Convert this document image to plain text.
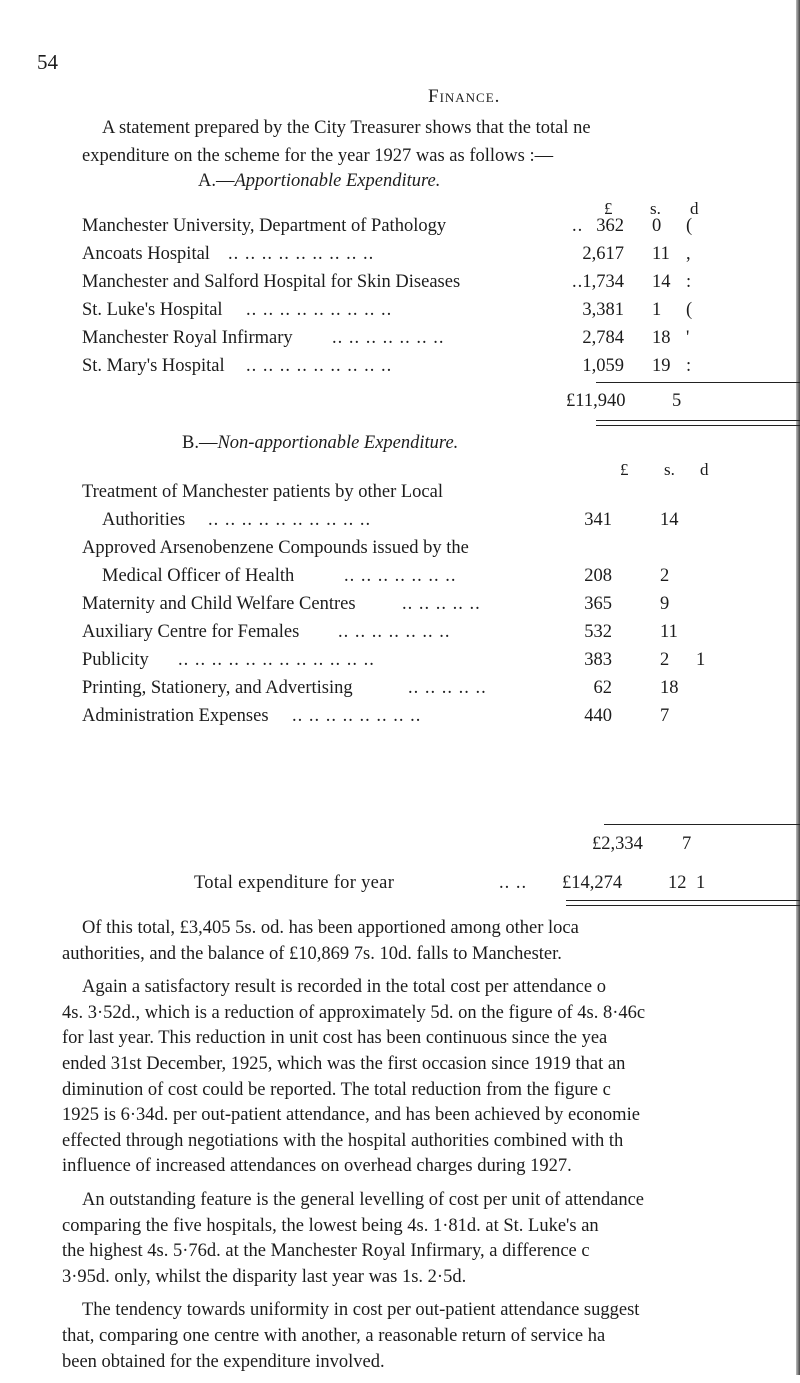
54
Finance.

A statement prepared by the City Treasurer shows that the total ne

expenditure on the scheme for the year 1927 was as follows :—

A.—Apportionable Expenditure.
£ s. d
Manchester University, Department of Pathology	.. 362 0 (
Ancoats Hospital .. .. .. .. .. .. .. .. ..	2,617 11 ,
Manchester and Salford Hospital for Skin Diseases	.. 1,734 14 :
St. Luke's Hospital .. .. .. .. .. .. .. .. ..	3,381 1 (
Manchester Royal Infirmary .. .. .. .. .. .. ..	2,784 18 '
St. Mary's Hospital .. .. .. .. .. .. .. .. ..	1,059 19 :
£11,940	5
B.—Non-apportionable Expenditure.
£ s. d
Treatment of Manchester patients by other Local
Authorities .. .. .. .. .. .. .. .. .. ..	341	14
Approved Arsenobenzene Compounds issued by the
Medical Officer of Health	.. .. .. .. .. .. ..	208	2
Maternity and Child Welfare Centres	.. .. .. .. ..	365	9
Auxiliary Centre for Females .. .. .. .. .. .. ..	532	11
Publicity .. .. .. .. .. .. .. .. .. .. .. ..	383	2 1
Printing, Stationery, and Advertising	.. .. .. .. ..	62	18
Administration Expenses .. .. .. .. .. .. .. ..	440	7
£2,334 7
Total expenditure for year	.. .. £14,274 12 1

Of this total, £3,405 5s. od. has been apportioned among other loca
authorities, and the balance of £10,869 7s. 10d. falls to Manchester.

Again a satisfactory result is recorded in the total cost per attendance o
4s. 3·52d., which is a reduction of approximately 5d. on the figure of 4s. 8·46c
for last year. This reduction in unit cost has been continuous since the yea
ended 31st December, 1925, which was the first occasion since 1919 that an
diminution of cost could be reported. The total reduction from the figure c
1925 is 6·34d. per out-patient attendance, and has been achieved by economie
effected through negotiations with the hospital authorities combined with th
influence of increased attendances on overhead charges during 1927.

An outstanding feature is the general levelling of cost per unit of attendance
comparing the five hospitals, the lowest being 4s. 1·81d. at St. Luke's an
the highest 4s. 5·76d. at the Manchester Royal Infirmary, a difference c
3·95d. only, whilst the disparity last year was 1s. 2·5d.

The tendency towards uniformity in cost per out-patient attendance suggest
that, comparing one centre with another, a reasonable return of service ha
been obtained for the expenditure involved.
